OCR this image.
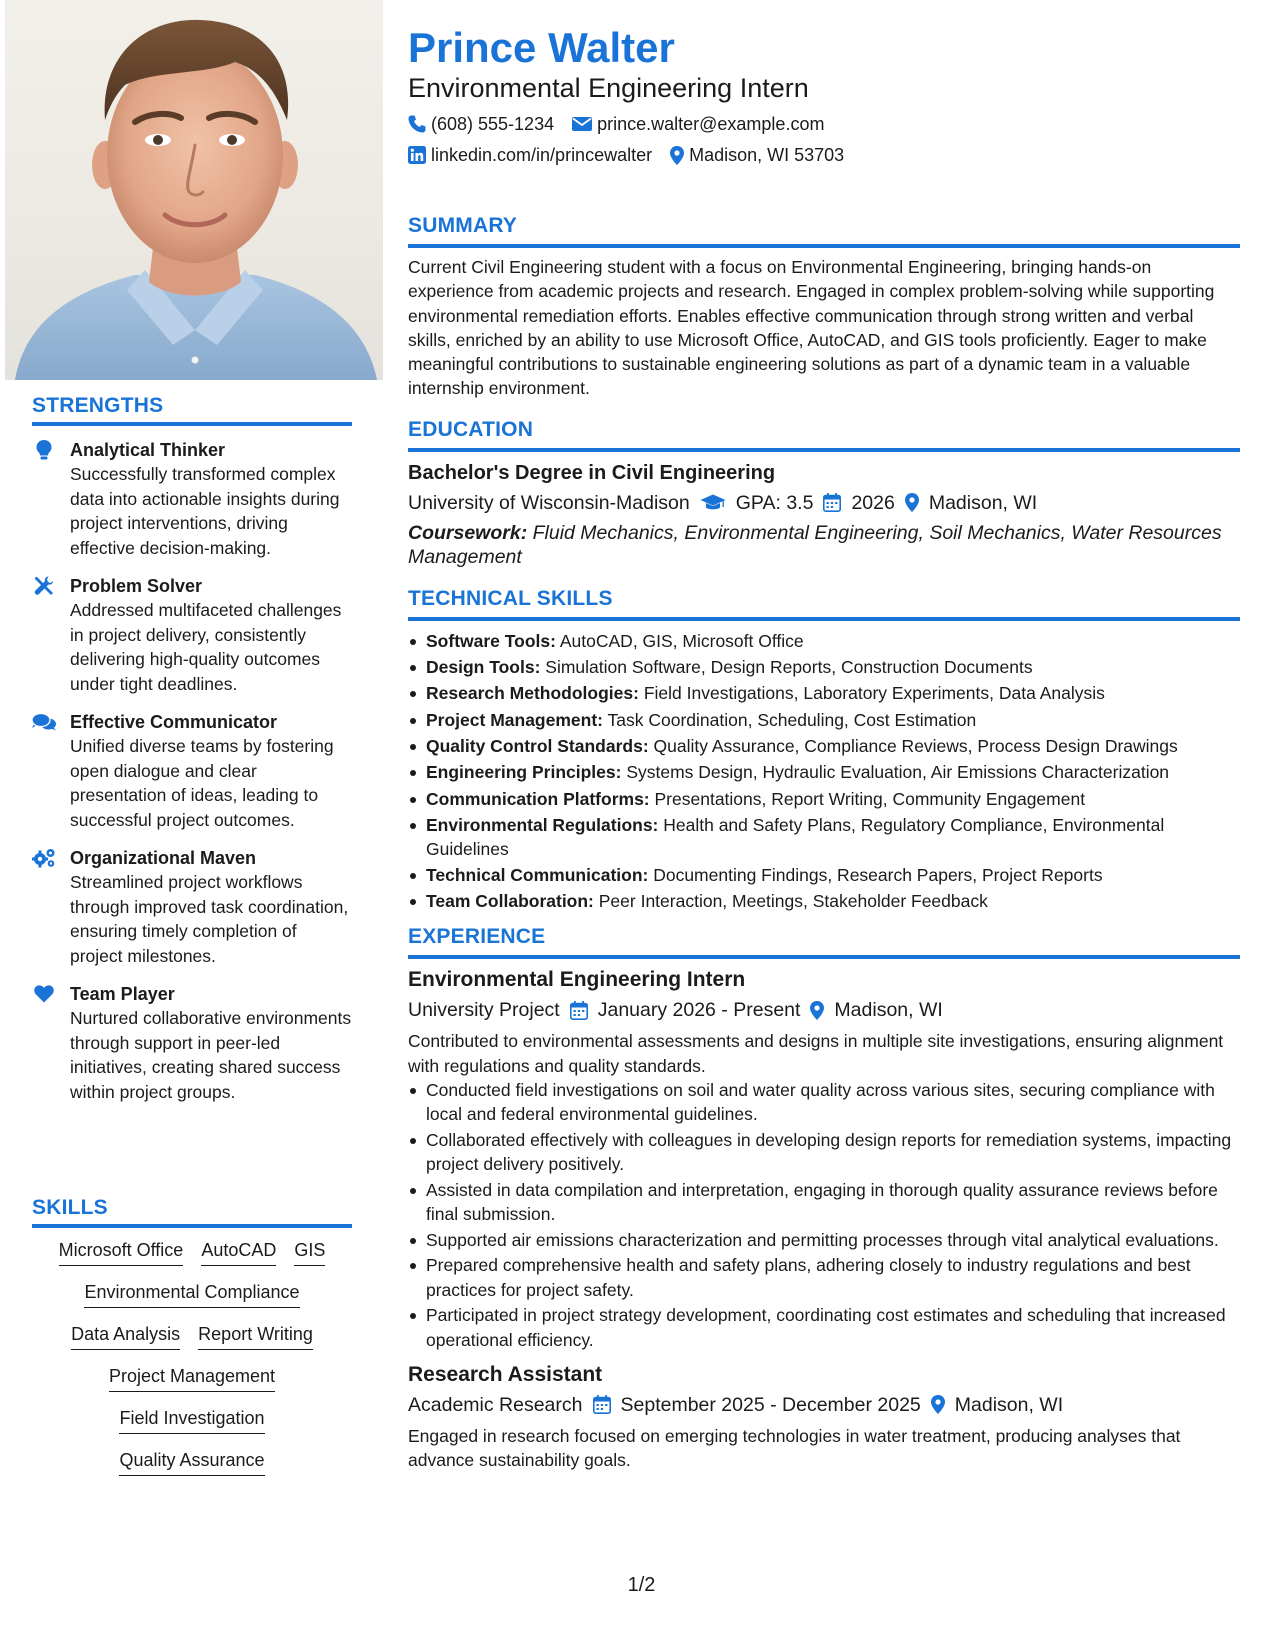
STRENGTHS
Analytical Thinker
Successfully transformed complex data into actionable insights during project interventions, driving effective decision-making.
Problem Solver
Addressed multifaceted challenges in project delivery, consistently delivering high-quality outcomes under tight deadlines.
Effective Communicator
Unified diverse teams by fostering open dialogue and clear presentation of ideas, leading to successful project outcomes.
Organizational Maven
Streamlined project workflows through improved task coordination, ensuring timely completion of project milestones.
Team Player
Nurtured collaborative environments through support in peer-led initiatives, creating shared success within project groups.
SKILLS
Microsoft Office AutoCAD GIS
Environmental Compliance
Data Analysis Report Writing
Project Management
Field Investigation
Quality Assurance
Prince Walter
Environmental Engineering Intern
(608) 555-1234 prince.walter@example.com
linkedin.com/in/princewalter Madison, WI 53703
SUMMARY
Current Civil Engineering student with a focus on Environmental Engineering, bringing hands-on experience from academic projects and research. Engaged in complex problem-solving while supporting environmental remediation efforts. Enables effective communication through strong written and verbal skills, enriched by an ability to use Microsoft Office, AutoCAD, and GIS tools proficiently. Eager to make meaningful contributions to sustainable engineering solutions as part of a dynamic team in a valuable internship environment.
EDUCATION
Bachelor's Degree in Civil Engineering
University of Wisconsin-Madison GPA: 3.5 2026 Madison, WI
Coursework: Fluid Mechanics, Environmental Engineering, Soil Mechanics, Water Resources Management
TECHNICAL SKILLS
Software Tools: AutoCAD, GIS, Microsoft Office
Design Tools: Simulation Software, Design Reports, Construction Documents
Research Methodologies: Field Investigations, Laboratory Experiments, Data Analysis
Project Management: Task Coordination, Scheduling, Cost Estimation
Quality Control Standards: Quality Assurance, Compliance Reviews, Process Design Drawings
Engineering Principles: Systems Design, Hydraulic Evaluation, Air Emissions Characterization
Communication Platforms: Presentations, Report Writing, Community Engagement
Environmental Regulations: Health and Safety Plans, Regulatory Compliance, Environmental Guidelines
Technical Communication: Documenting Findings, Research Papers, Project Reports
Team Collaboration: Peer Interaction, Meetings, Stakeholder Feedback
EXPERIENCE
Environmental Engineering Intern
University Project January 2026 - Present Madison, WI
Contributed to environmental assessments and designs in multiple site investigations, ensuring alignment with regulations and quality standards.
Conducted field investigations on soil and water quality across various sites, securing compliance with local and federal environmental guidelines.
Collaborated effectively with colleagues in developing design reports for remediation systems, impacting project delivery positively.
Assisted in data compilation and interpretation, engaging in thorough quality assurance reviews before final submission.
Supported air emissions characterization and permitting processes through vital analytical evaluations.
Prepared comprehensive health and safety plans, adhering closely to industry regulations and best practices for project safety.
Participated in project strategy development, coordinating cost estimates and scheduling that increased operational efficiency.
Research Assistant
Academic Research September 2025 - December 2025 Madison, WI
Engaged in research focused on emerging technologies in water treatment, producing analyses that advance sustainability goals.
1/2
